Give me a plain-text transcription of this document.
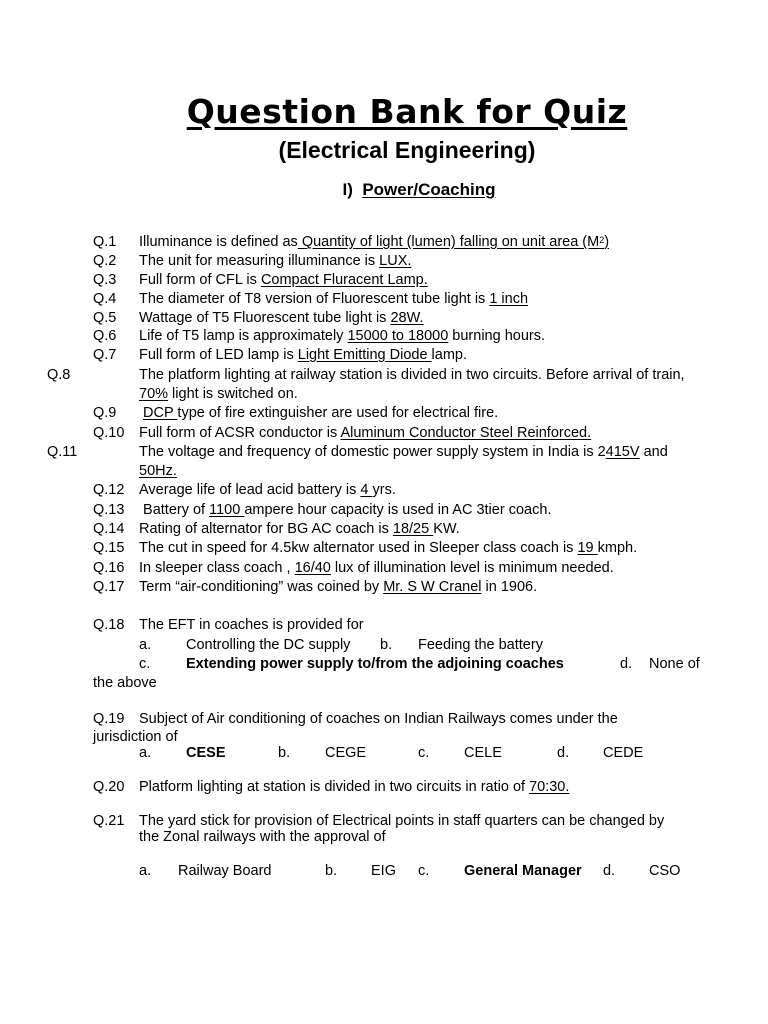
Question Bank for Quiz
(Electrical Engineering)
I) Power/Coaching
Q.1 Illuminance is defined as Quantity of light (lumen) falling on unit area $(M^2)$
Q.2 The unit for measuring illuminance is LUX.
Q.3 Full form of CFL is Compact Fluracent Lamp.
Q.4 The diameter of T8 version of Fluorescent tube light is 1 inch
Q.5 Wattage of T5 Fluorescent tube light is 28W.
Q.6 Life of T5 lamp is approximately 15000 to 18000 burning hours.
Q.7 Full form of LED lamp is Light Emitting Diode lamp.
Q.8	The platform lighting at railway station is divided in two circuits. Before arrival of train, 70% light is switched on.
Q.9 DCP type of fire extinguisher are used for electrical fire.
Q.10 Full form of ACSR conductor is Aluminum Conductor Steel Reinforced.
Q.11	The voltage and frequency of domestic power supply system in India is 2415V and 50Hz.
Q.12 Average life of lead acid battery is 4 yrs.
Q.13 Battery of 1100 ampere hour capacity is used in AC 3tier coach.
Q.14 Rating of alternator for BG AC coach is 18/25 KW.
Q.15 The cut in speed for 4.5kw alternator used in Sleeper class coach is 19 kmph.
Q.16 In sleeper class coach , 16/40 lux of illumination level is minimum needed.
Q.17 Term “air-conditioning” was coined by Mr. S W Cranel in 1906.
Q.18 The EFT in coaches is provided for
a. Controlling the DC supply b. Feeding the battery
c. Extending power supply to/from the adjoining coaches	d. None of
the above
Q.19 Subject of Air conditioning of coaches on Indian Railways comes under the
jurisdiction of
a. CESE	b. CEGE	c. CELE	d. CEDE
Q.20 Platform lighting at station is divided in two circuits in ratio of 70:30.
Q.21 The yard stick for provision of Electrical points in staff quarters can be changed by
the Zonal railways with the approval of
a. Railway Board	b. EIG c. General Manager d. CSO
